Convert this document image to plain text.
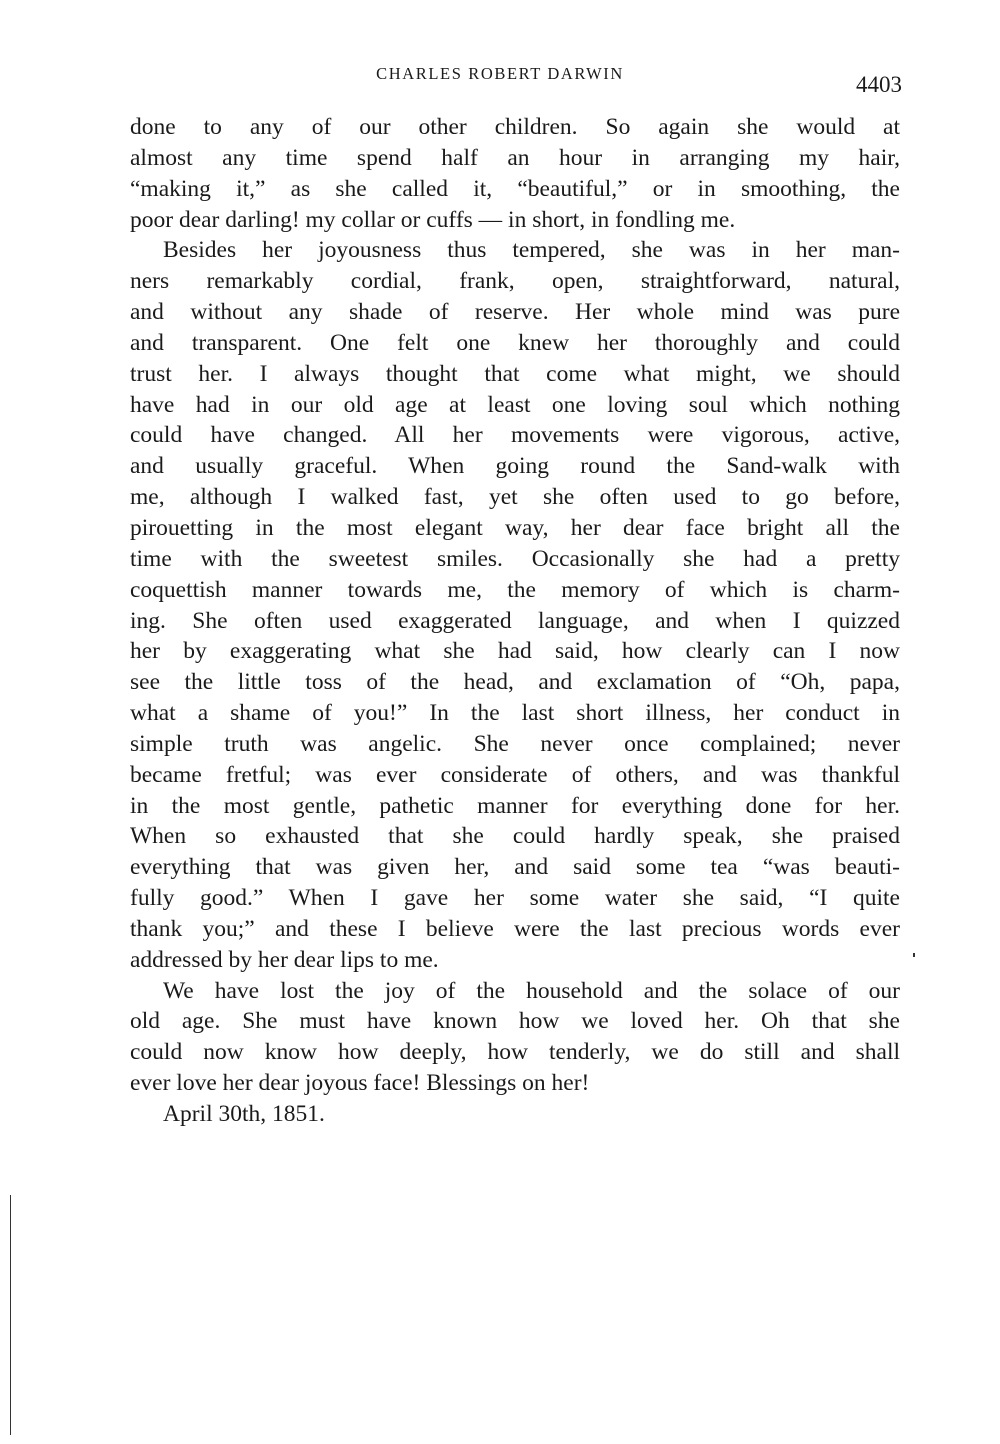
CHARLES ROBERT DARWIN	4403
done to any of our other children. So again she would at
almost any time spend half an hour in arranging my hair,
“making it,” as she called it, “beautiful,” or in smoothing, the
poor dear darling! my collar or cuffs — in short, in fondling me.
Besides her joyousness thus tempered, she was in her man-
ners remarkably cordial, frank, open, straightforward, natural,
and without any shade of reserve. Her whole mind was pure
and transparent. One felt one knew her thoroughly and could
trust her. I always thought that come what might, we should
have had in our old age at least one loving soul which nothing
could have changed. All her movements were vigorous, active,
and usually graceful. When going round the Sand-walk with
me, although I walked fast, yet she often used to go before,
pirouetting in the most elegant way, her dear face bright all the
time with the sweetest smiles. Occasionally she had a pretty
coquettish manner towards me, the memory of which is charm-
ing. She often used exaggerated language, and when I quizzed
her by exaggerating what she had said, how clearly can I now
see the little toss of the head, and exclamation of “Oh, papa,
what a shame of you!” In the last short illness, her conduct in
simple truth was angelic. She never once complained; never
became fretful; was ever considerate of others, and was thankful
in the most gentle, pathetic manner for everything done for her.
When so exhausted that she could hardly speak, she praised
everything that was given her, and said some tea “was beauti-
fully good.” When I gave her some water she said, “I quite
thank you;” and these I believe were the last precious words ever
addressed by her dear lips to me.
We have lost the joy of the household and the solace of our
old age. She must have known how we loved her. Oh that she
could now know how deeply, how tenderly, we do still and shall
ever love her dear joyous face! Blessings on her!
April 30th, 1851.
